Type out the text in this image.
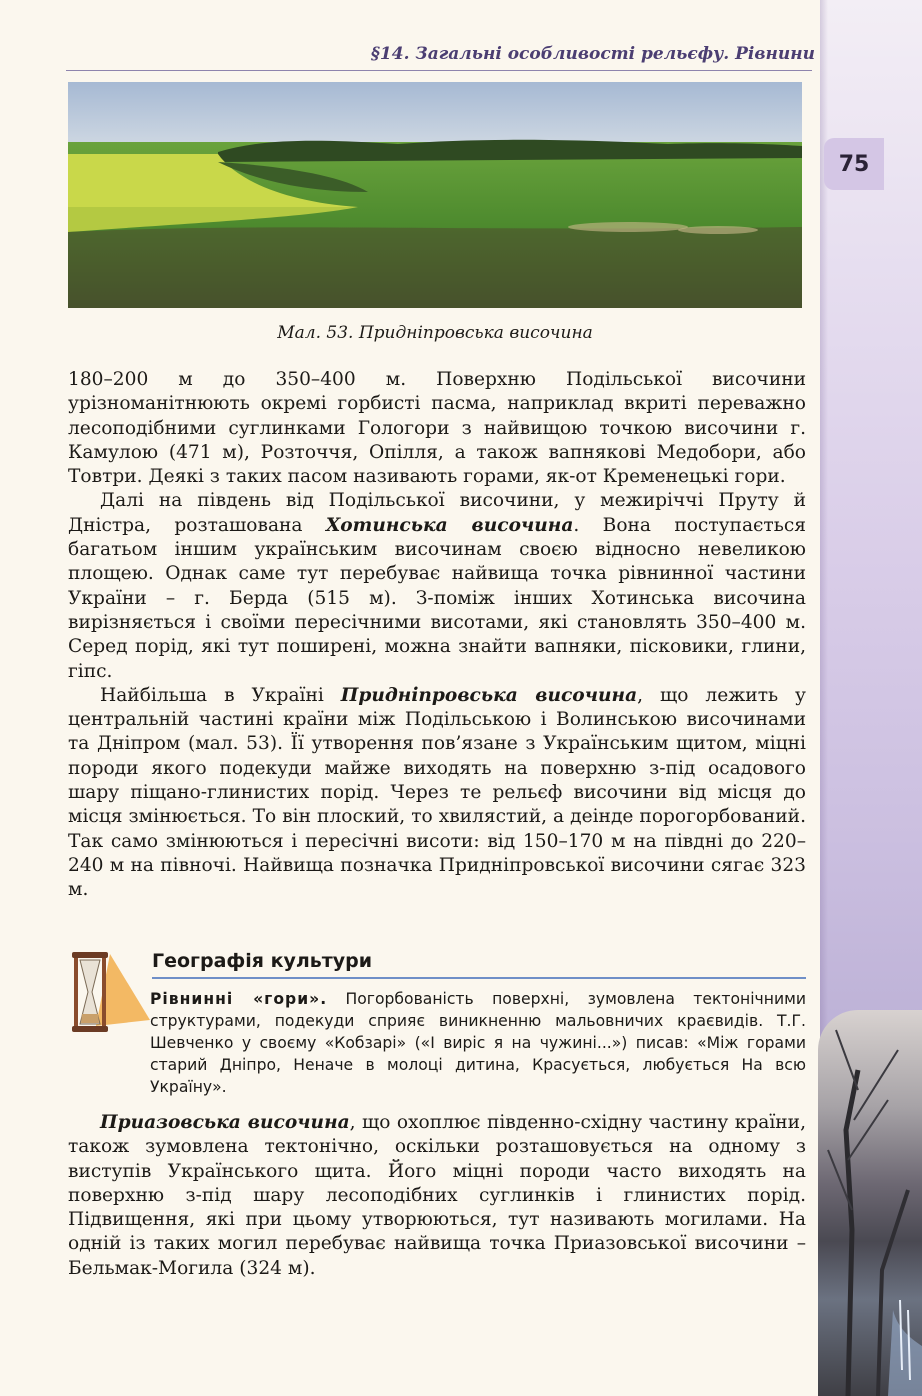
75
§14. Загальні особливості рельєфу. Рівнини
Мал. 53. Придніпровська височина

180–200 м до 350–400 м. Поверхню Подільської височини урізноманітнюють окремі горбисті пасма, наприклад вкриті переважно лесоподібними суглинками Гологори з найвищою точкою височини г. Камулою (471 м), Розточчя, Опілля, а також вапнякові Медобори, або Товтри. Деякі з таких пасом називають горами, як-от Кременецькі гори.

Далі на південь від Подільської височини, у межиріччі Пруту й Дністра, розташована Хотинська височина. Вона поступається багатьом іншим українським височинам своєю відносно невеликою площею. Однак саме тут перебуває найвища точка рівнинної частини України – г. Берда (515 м). З-поміж інших Хотинська височина вирізняється і своїми пересічними висотами, які становлять 350–400 м. Серед порід, які тут поширені, можна знайти вапняки, пісковики, глини, гіпс.

Найбільша в Україні Придніпровська височина, що лежить у центральній частині країни між Подільською і Волинською височинами та Дніпром (мал. 53). Її утворення пов’язане з Українським щитом, міцні породи якого подекуди майже виходять на поверхню з-під осадового шару піщано-глинистих порід. Через те рельєф височини від місця до місця змінюється. То він плоский, то хвилястий, а деінде порогорбований. Так само змінюються і пересічні висоти: від 150–170 м на півдні до 220–240 м на півночі. Найвища позначка Придніпровської височини сягає 323 м.

Географія культури

Рівнинні «гори». Погорбованість поверхні, зумовлена тектонічними структурами, подекуди сприяє виникненню мальовничих краєвидів. Т.Г. Шевченко у своєму «Кобзарі» («І виріс я на чужині...») писав: «Між горами старий Дніпро, Неначе в молоці дитина, Красується, любується На всю Україну».

Приазовська височина, що охоплює південно-східну частину країни, також зумовлена тектонічно, оскільки розташовується на одному з виступів Українського щита. Його міцні породи часто виходять на поверхню з-під шару лесоподібних суглинків і глинистих порід. Підвищення, які при цьому утворюються, тут називають могилами. На одній із таких могил перебуває найвища точка Приазовської височини – Бельмак-Могила (324 м).
